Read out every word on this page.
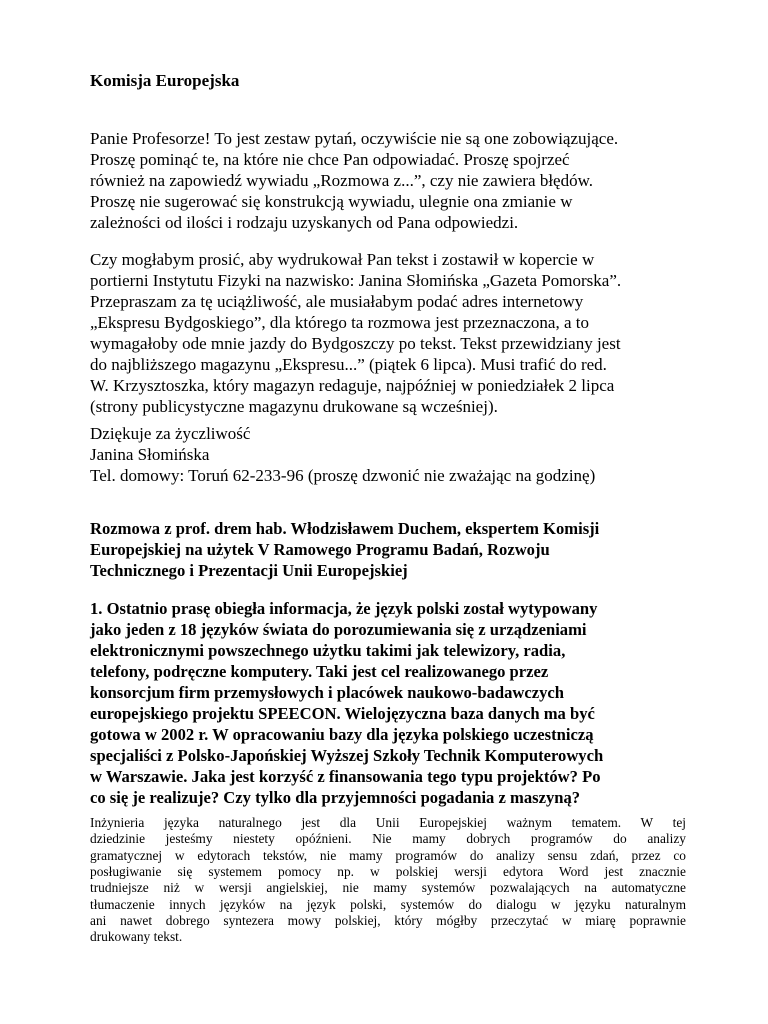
Komisja Europejska
Panie Profesorze! To jest zestaw pytań, oczywiście nie są one zobowiązujące.
Proszę pominąć te, na które nie chce Pan odpowiadać. Proszę spojrzeć
również na zapowiedź wywiadu „Rozmowa z...”, czy nie zawiera błędów.
Proszę nie sugerować się konstrukcją wywiadu, ulegnie ona zmianie w
zależności od ilości i rodzaju uzyskanych od Pana odpowiedzi.
Czy mogłabym prosić, aby wydrukował Pan tekst i zostawił w kopercie w
portierni Instytutu Fizyki na nazwisko: Janina Słomińska „Gazeta Pomorska”.
Przepraszam za tę uciążliwość, ale musiałabym podać adres internetowy
„Ekspresu Bydgoskiego”, dla którego ta rozmowa jest przeznaczona, a to
wymagałoby ode mnie jazdy do Bydgoszczy po tekst. Tekst przewidziany jest
do najbliższego magazynu „Ekspresu...” (piątek 6 lipca). Musi trafić do red.
W. Krzysztoszka, który magazyn redaguje, najpóźniej w poniedziałek 2 lipca
(strony publicystyczne magazynu drukowane są wcześniej).
Dziękuje za życzliwość
Janina Słomińska
Tel. domowy: Toruń 62-233-96 (proszę dzwonić nie zważając na godzinę)
Rozmowa z prof. drem hab. Włodzisławem Duchem, ekspertem Komisji
Europejskiej na użytek V Ramowego Programu Badań, Rozwoju
Technicznego i Prezentacji Unii Europejskiej
1. Ostatnio prasę obiegła informacja, że język polski został wytypowany
jako jeden z 18 języków świata do porozumiewania się z urządzeniami
elektronicznymi powszechnego użytku takimi jak telewizory, radia,
telefony, podręczne komputery. Taki jest cel realizowanego przez
konsorcjum firm przemysłowych i placówek naukowo-badawczych
europejskiego projektu SPEECON. Wielojęzyczna baza danych ma być
gotowa w 2002 r. W opracowaniu bazy dla języka polskiego uczestniczą
specjaliści z Polsko-Japońskiej Wyższej Szkoły Technik Komputerowych
w Warszawie. Jaka jest korzyść z finansowania tego typu projektów? Po
co się je realizuje? Czy tylko dla przyjemności pogadania z maszyną?
Inżynieria języka naturalnego jest dla Unii Europejskiej ważnym tematem. W tej
dziedzinie jesteśmy niestety opóźnieni. Nie mamy dobrych programów do analizy
gramatycznej w edytorach tekstów, nie mamy programów do analizy sensu zdań, przez co
posługiwanie się systemem pomocy np. w polskiej wersji edytora Word jest znacznie
trudniejsze niż w wersji angielskiej, nie mamy systemów pozwalających na automatyczne
tłumaczenie innych języków na język polski, systemów do dialogu w języku naturalnym
ani nawet dobrego syntezera mowy polskiej, który mógłby przeczytać w miarę poprawnie
drukowany tekst.
